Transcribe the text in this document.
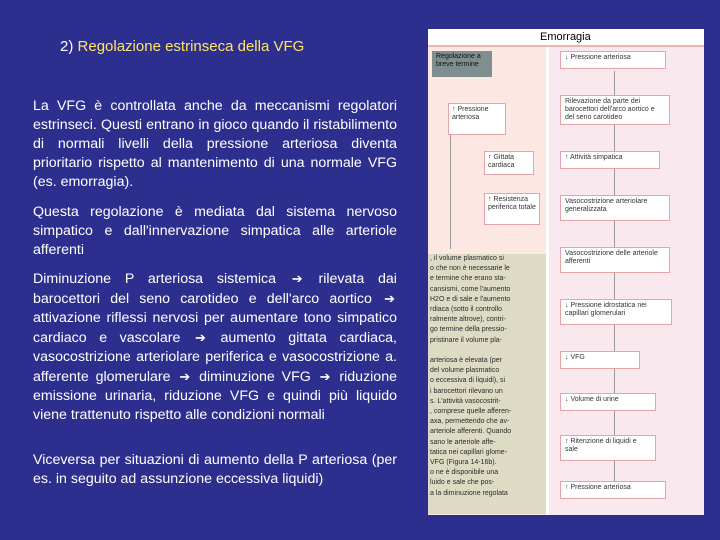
2) Regolazione estrinseca della VFG
La VFG è controllata anche da meccanismi regolatori estrinseci. Questi entrano in gioco quando il ristabilimento di normali livelli della pressione arteriosa diventa prioritario rispetto al mantenimento di una normale VFG (es. emorragia).
Questa regolazione è mediata dal sistema nervoso simpatico e dall'innervazione simpatica alle arteriole afferenti
Diminuzione P arteriosa sistemica ➔ rilevata dai barocettori del seno carotideo e dell'arco aortico ➔ attivazione riflessi nervosi per aumentare tono simpatico cardiaco e vascolare ➔ aumento gittata cardiaca, vasocostrizione arteriolare periferica e vasocostrizione a. afferente glomerulare ➔ diminuzione VFG ➔ riduzione emissione urinaria, riduzione VFG e quindi più liquido viene trattenuto rispetto alle condizioni normali
Viceversa per situazioni di aumento della P arteriosa (per es. in seguito ad assunzione eccessiva liquidi)
Emorragia
Regolazione a breve termine
↓ Pressione arteriosa
Rilevazione da parte dei barocettori dell'arco aortico e del seno carotideo
↑ Attività simpatica
Vasocostrizione arteriolare generalizzata
Vasocostrizione delle arteriole afferenti
↓ Pressione idrostatica nei capillari glomerulari
↓ VFG
↓ Volume di urine
↑ Ritenzione di liquidi e sale
↑ Pressione arteriosa
↑ Pressione arteriosa
↑ Gittata cardiaca
↑ Resistenza periferica totale
, il volume plasmatico si
o che non è necessarie le
e termine che erano sta-
cansismi, come l'aumento
H2O e di sale e l'aumento
rdiaca (sotto il controllo
ralmente altrove), contri-
go termine della pressio-
pristinare il volume pla-

arteriosa è elevata (per
del volume plasmatico
o eccessiva di liquidi), si
i barocettori rilevano un
s. L'attività vasocostrit-
, comprese quelle afferen-
axa, permettendo che av-
arteriole afferenti. Quando
sano le arteriole affe-
tatica nei capillari glome-
VFG (Figura 14-16b).
o ne è disponibile una
luido e sale che pos-
a la diminuzione regolata
